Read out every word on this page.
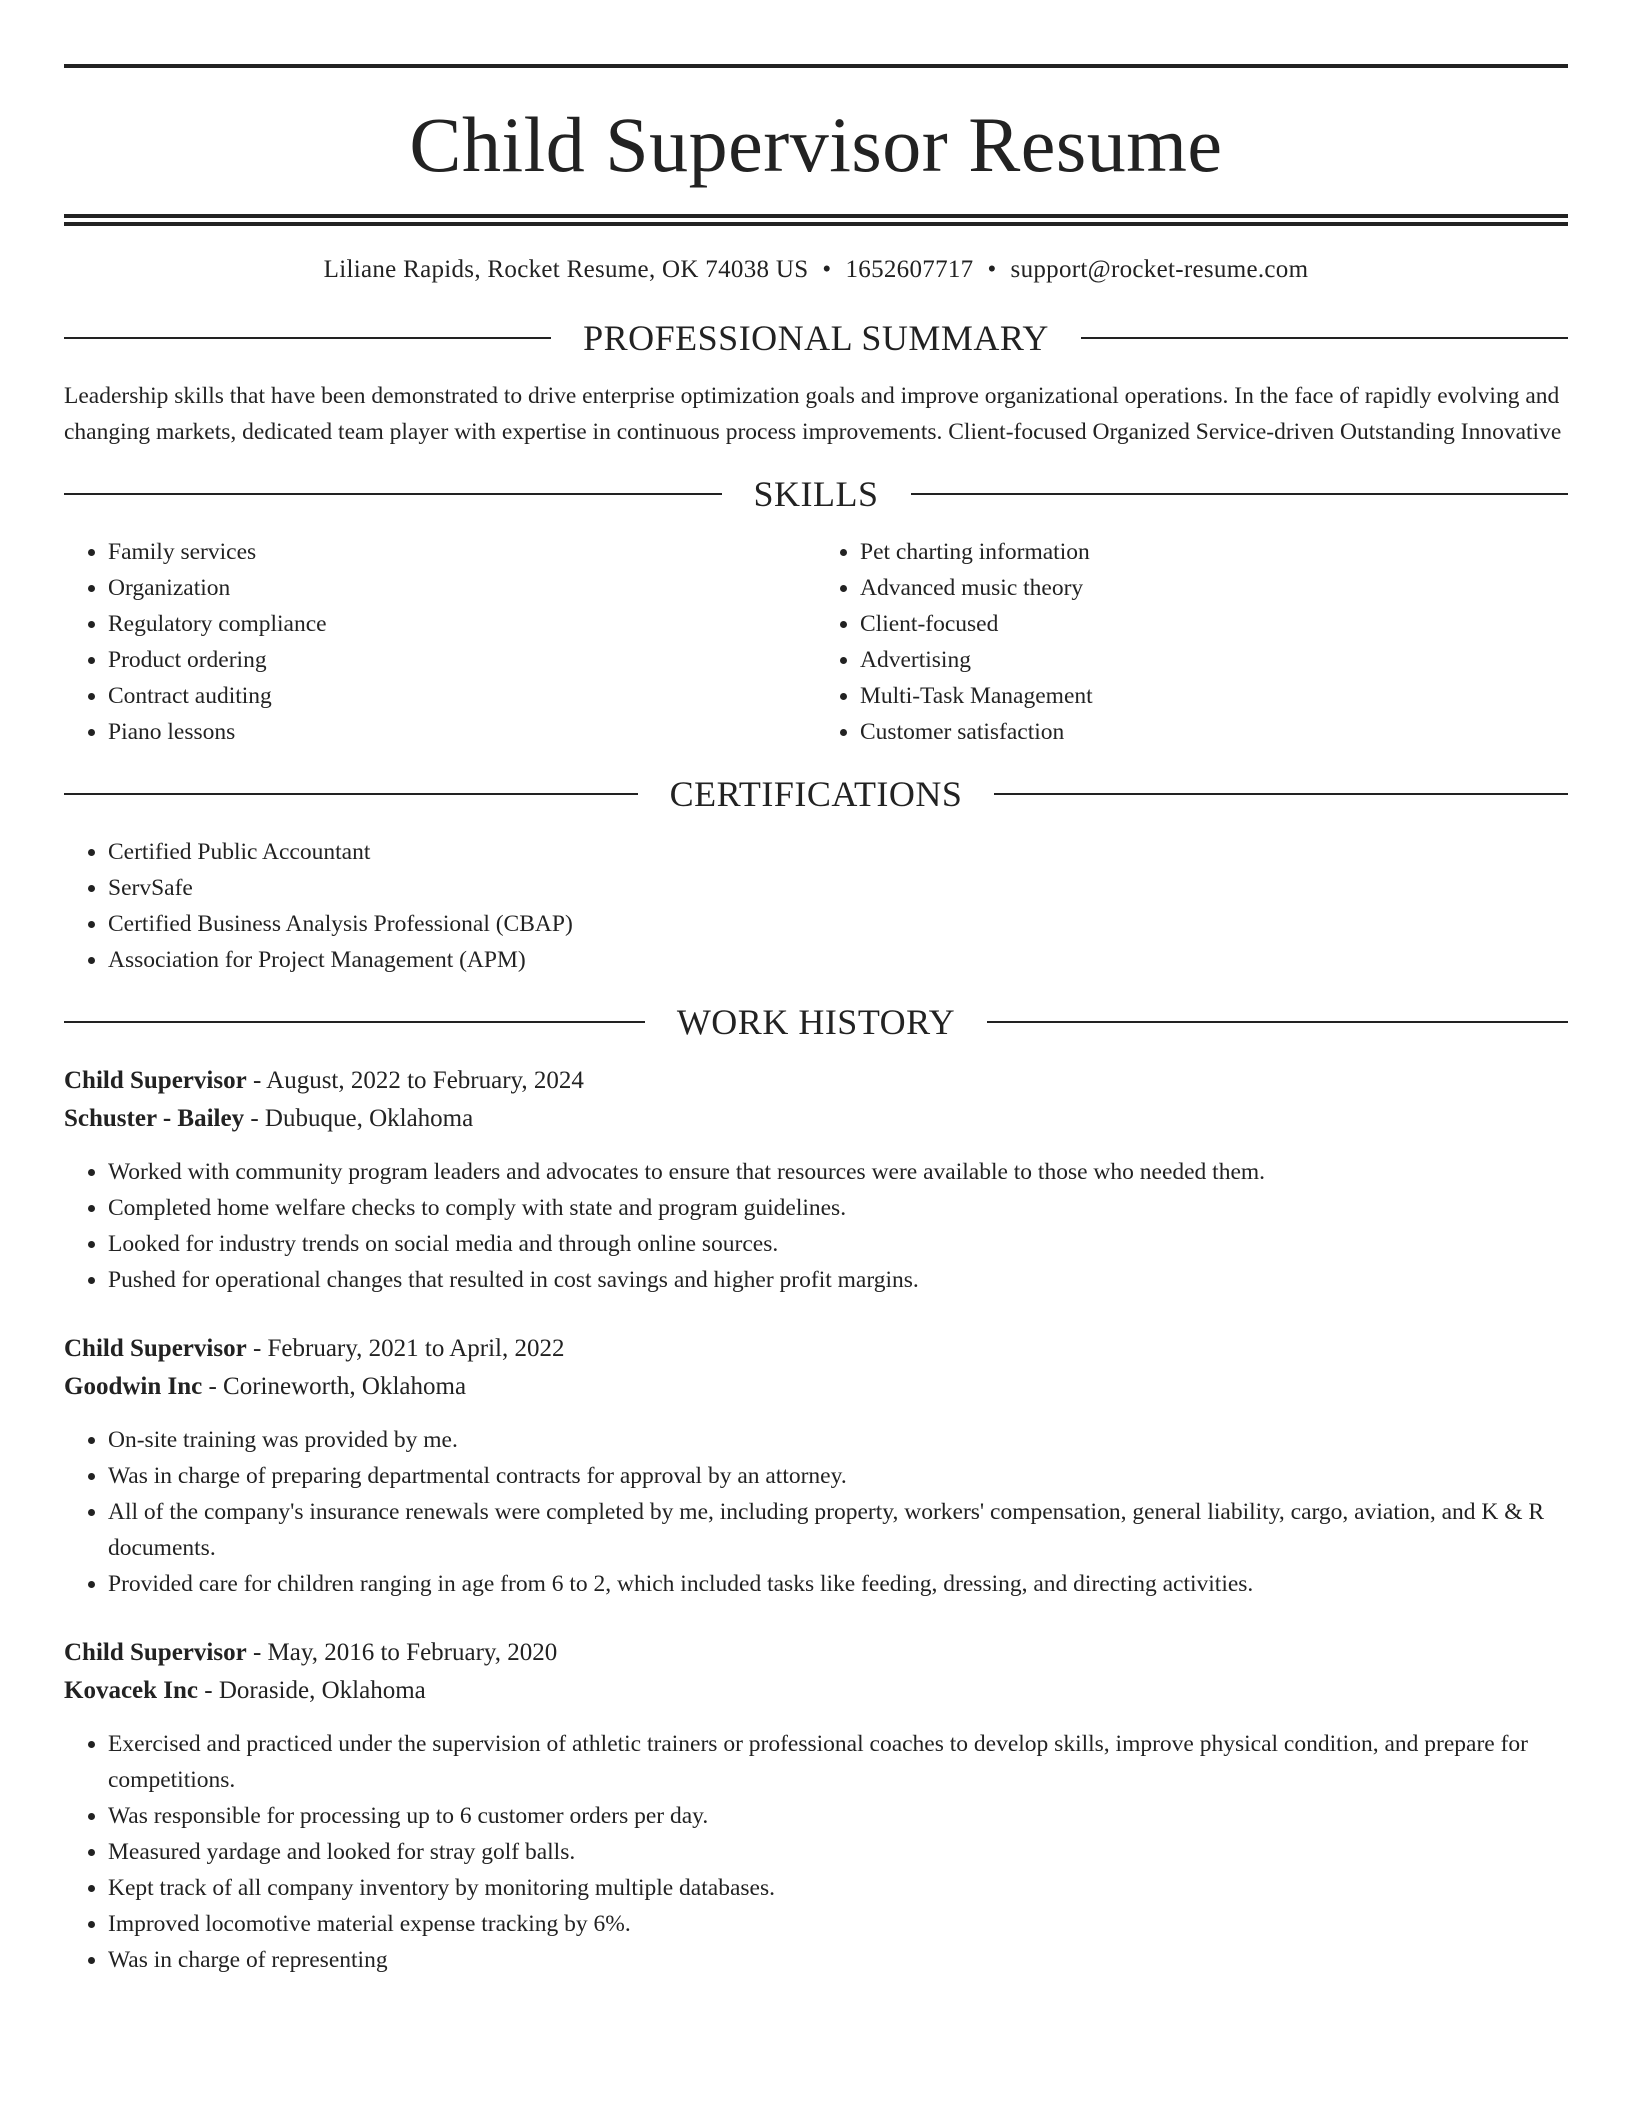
Child Supervisor Resume
Liliane Rapids, Rocket Resume, OK 74038 US • 1652607717 • support@rocket-resume.com
PROFESSIONAL SUMMARY

Leadership skills that have been demonstrated to drive enterprise optimization goals and improve organizational operations. In the face of rapidly evolving and changing markets, dedicated team player with expertise in continuous process improvements. Client-focused Organized Service-driven Outstanding Innovative

SKILLS
• Family services
• Organization
• Regulatory compliance
• Product ordering
• Contract auditing
• Piano lessons
• Pet charting information
• Advanced music theory
• Client-focused
• Advertising
• Multi-Task Management
• Customer satisfaction
CERTIFICATIONS
• Certified Public Accountant
• ServSafe
• Certified Business Analysis Professional (CBAP)
• Association for Project Management (APM)
WORK HISTORY
Child Supervisor - August, 2022 to February, 2024
Schuster - Bailey - Dubuque, Oklahoma
• Worked with community program leaders and advocates to ensure that resources were available to those who needed them.
• Completed home welfare checks to comply with state and program guidelines.
• Looked for industry trends on social media and through online sources.
• Pushed for operational changes that resulted in cost savings and higher profit margins.
Child Supervisor - February, 2021 to April, 2022
Goodwin Inc - Corineworth, Oklahoma
• On-site training was provided by me.
• Was in charge of preparing departmental contracts for approval by an attorney.
• All of the company's insurance renewals were completed by me, including property, workers' compensation, general liability, cargo, aviation, and K & R documents.
• Provided care for children ranging in age from 6 to 2, which included tasks like feeding, dressing, and directing activities.
Child Supervisor - May, 2016 to February, 2020
Kovacek Inc - Doraside, Oklahoma
• Exercised and practiced under the supervision of athletic trainers or professional coaches to develop skills, improve physical condition, and prepare for competitions.
• Was responsible for processing up to 6 customer orders per day.
• Measured yardage and looked for stray golf balls.
• Kept track of all company inventory by monitoring multiple databases.
• Improved locomotive material expense tracking by 6%.
• Was in charge of representing
